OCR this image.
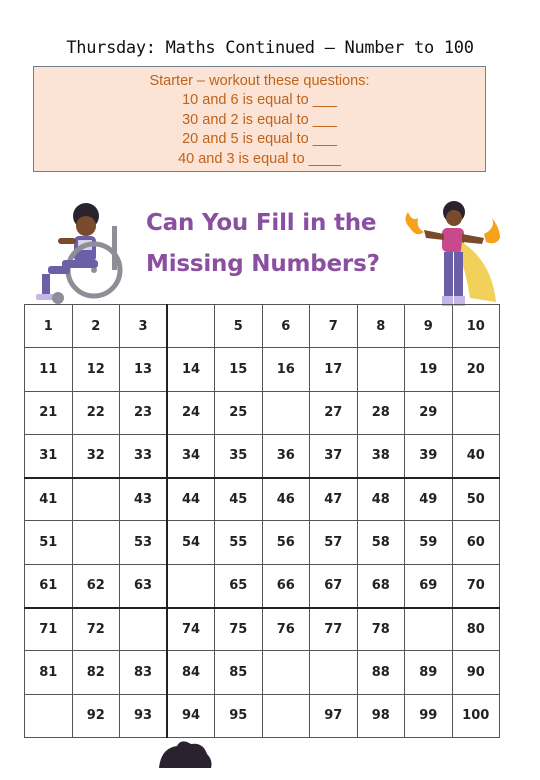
Thursday: Maths Continued – Number to 100
Starter – workout these questions:
10 and 6 is equal to ___
30 and 2 is equal to ___
20 and 5 is equal to ___
40 and 3 is equal to ____
Can You Fill in the
Missing Numbers?
1	2	3		5	6	7	8	9	10
11	12	13	14	15	16	17		19	20
21	22	23	24	25		27	28	29	
31	32	33	34	35	36	37	38	39	40
41		43	44	45	46	47	48	49	50
51		53	54	55	56	57	58	59	60
61	62	63		65	66	67	68	69	70
71	72		74	75	76	77	78		80
81	82	83	84	85			88	89	90
	92	93	94	95		97	98	99	100
